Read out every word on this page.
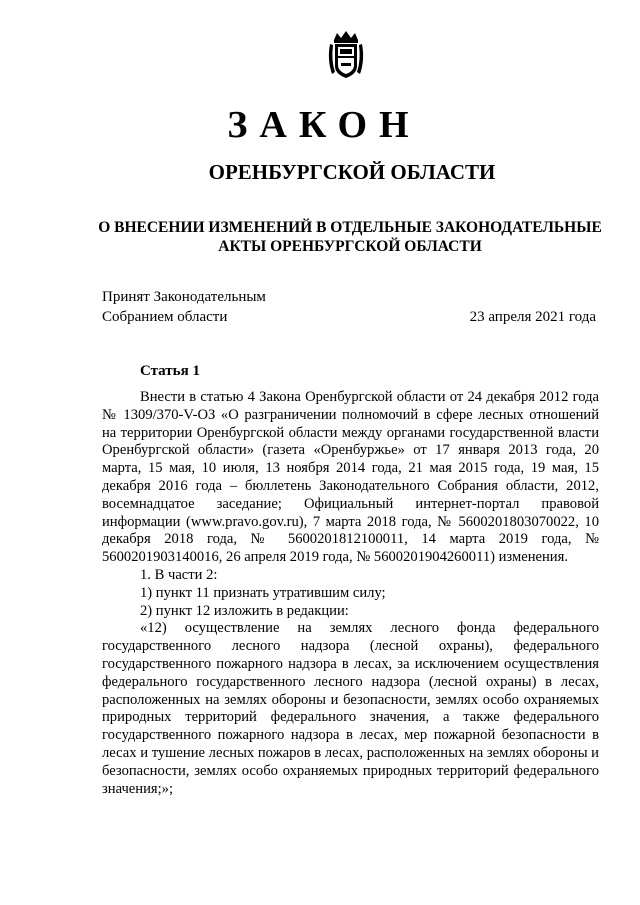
ЗАКОН
ОРЕНБУРГСКОЙ ОБЛАСТИ
О ВНЕСЕНИИ ИЗМЕНЕНИЙ В ОТДЕЛЬНЫЕ ЗАКОНОДАТЕЛЬНЫЕ
АКТЫ ОРЕНБУРГСКОЙ ОБЛАСТИ
Принят Законодательным
Собранием области	23 апреля 2021 года
Статья 1

Внести в статью 4 Закона Оренбургской области от 24 декабря 2012 года № 1309/370-V-ОЗ «О разграничении полномочий в сфере лесных отношений на территории Оренбургской области между органами государственной власти Оренбургской области» (газета «Оренбуржье» от 17 января 2013 года, 20 марта, 15 мая, 10 июля, 13 ноября 2014 года, 21 мая 2015 года, 19 мая, 15 декабря 2016 года – бюллетень Законодательного Собрания области, 2012, восемнадцатое заседание; Официальный интернет-портал правовой информации (www.pravo.gov.ru), 7 марта 2018 года, № 5600201803070022, 10 декабря 2018 года, № 5600201812100011, 14 марта 2019 года, № 5600201903140016, 26 апреля 2019 года, № 5600201904260011) изменения.

1. В части 2:

1) пункт 11 признать утратившим силу;

2) пункт 12 изложить в редакции:

«12) осуществление на землях лесного фонда федерального государственного лесного надзора (лесной охраны), федерального государственного пожарного надзора в лесах, за исключением осуществления федерального государственного лесного надзора (лесной охраны) в лесах, расположенных на землях обороны и безопасности, землях особо охраняемых природных территорий федерального значения, а также федерального государственного пожарного надзора в лесах, мер пожарной безопасности в лесах и тушение лесных пожаров в лесах, расположенных на землях обороны и безопасности, землях особо охраняемых природных территорий федерального значения;»;
